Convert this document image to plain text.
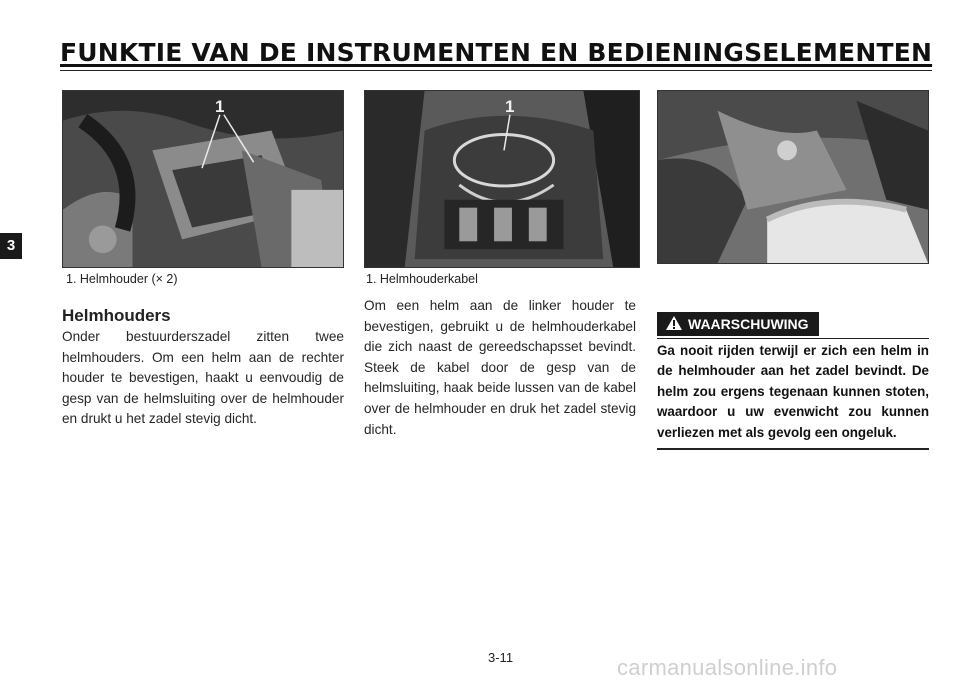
FUNKTIE VAN DE INSTRUMENTEN EN BEDIENINGSELEMENTEN
3
1
1. Helmhouder (× 2)
1
1. Helmhouderkabel
Helmhouders

Onder bestuurderszadel zitten twee helmhouders. Om een helm aan de rechter houder te bevestigen, haakt u eenvoudig de gesp van de helmsluiting over de helmhouder en drukt u het zadel stevig dicht.

Om een helm aan de linker houder te bevestigen, gebruikt u de helmhouderkabel die zich naast de gereedschapsset bevindt. Steek de kabel door de gesp van de helmsluiting, haak beide lussen van de kabel over de helmhouder en druk het zadel stevig dicht.

WAARSCHUWING

Ga nooit rijden terwijl er zich een helm in de helmhouder aan het zadel bevindt. De helm zou ergens tegenaan kunnen stoten, waardoor u uw evenwicht zou kunnen verliezen met als gevolg een ongeluk.

3-11	carmanualsonline.info
